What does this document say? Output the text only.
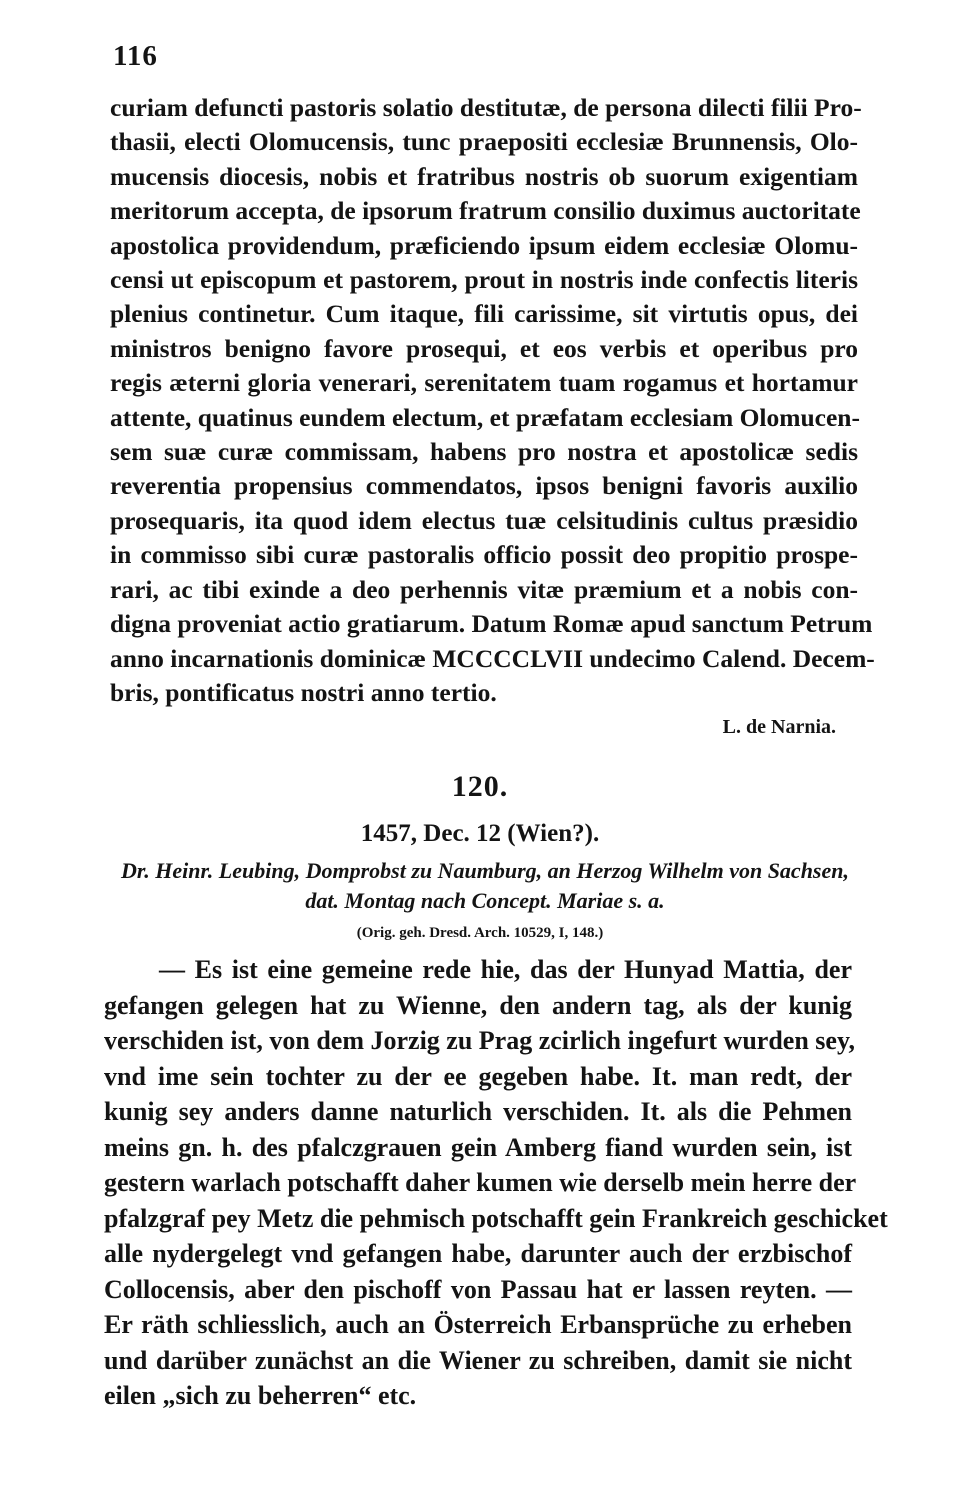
116
curiam defuncti pastoris solatio destitutæ, de persona dilecti filii Pro-
thasii, electi Olomucensis, tunc praepositi ecclesiæ Brunnensis, Olo-
mucensis diocesis, nobis et fratribus nostris ob suorum exigentiam
meritorum accepta, de ipsorum fratrum consilio duximus auctoritate
apostolica providendum, præficiendo ipsum eidem ecclesiæ Olomu-
censi ut episcopum et pastorem, prout in nostris inde confectis literis
plenius continetur. Cum itaque, fili carissime, sit virtutis opus, dei
ministros benigno favore prosequi, et eos verbis et operibus pro
regis æterni gloria venerari, serenitatem tuam rogamus et hortamur
attente, quatinus eundem electum, et præfatam ecclesiam Olomucen-
sem suæ curæ commissam, habens pro nostra et apostolicæ sedis
reverentia propensius commendatos, ipsos benigni favoris auxilio
prosequaris, ita quod idem electus tuæ celsitudinis cultus præsidio
in commisso sibi curæ pastoralis officio possit deo propitio prospe-
rari, ac tibi exinde a deo perhennis vitæ præmium et a nobis con-
digna proveniat actio gratiarum. Datum Romæ apud sanctum Petrum
anno incarnationis dominicæ MCCCCLVII undecimo Calend. Decem-
bris, pontificatus nostri anno tertio.
L. de Narnia.
120.
1457, Dec. 12 (Wien?).
Dr. Heinr. Leubing, Domprobst zu Naumburg, an Herzog Wilhelm von Sachsen,
dat. Montag nach Concept. Mariae s. a.
(Orig. geh. Dresd. Arch. 10529, I, 148.)
— Es ist eine gemeine rede hie, das der Hunyad Mattia, der
gefangen gelegen hat zu Wienne, den andern tag, als der kunig
verschiden ist, von dem Jorzig zu Prag zcirlich ingefurt wurden sey,
vnd ime sein tochter zu der ee gegeben habe. It. man redt, der
kunig sey anders danne naturlich verschiden. It. als die Pehmen
meins gn. h. des pfalczgrauen gein Amberg fiand wurden sein, ist
gestern warlach potschafft daher kumen wie derselb mein herre der
pfalzgraf pey Metz die pehmisch potschafft gein Frankreich geschicket
alle nydergelegt vnd gefangen habe, darunter auch der erzbischof
Collocensis, aber den pischoff von Passau hat er lassen reyten. —
Er räth schliesslich, auch an Österreich Erbansprüche zu erheben
und darüber zunächst an die Wiener zu schreiben, damit sie nicht
eilen „sich zu beherren“ etc.
